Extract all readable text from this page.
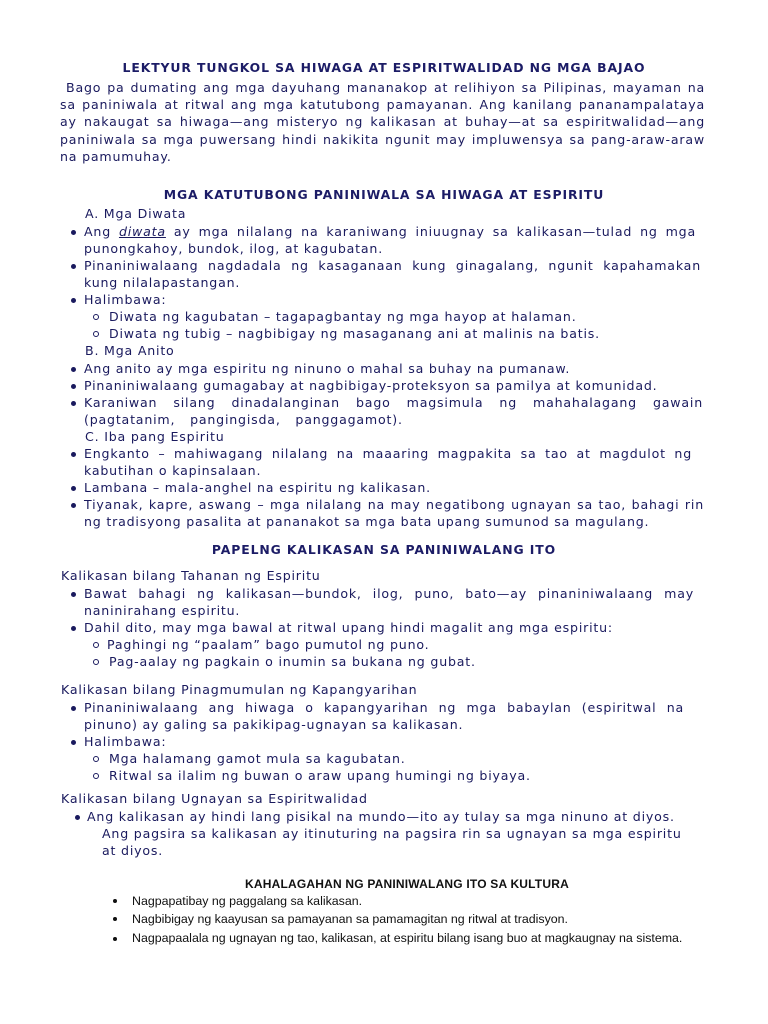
LEKTYUR TUNGKOL SA HIWAGA AT ESPIRITWALIDAD NG MGA BAJAO
Bago pa dumating ang mga dayuhang mananakop at relihiyon sa Pilipinas, mayaman na sa paniniwala at ritwal ang mga katutubong pamayanan. Ang kanilang pananampalataya ay nakaugat sa hiwaga—ang misteryo ng kalikasan at buhay—at sa espiritwalidad—ang paniniwala sa mga puwersang hindi nakikita ngunit may impluwensya sa pang-araw-araw na pamumuhay.
MGA KATUTUBONG PANINIWALA SA HIWAGA AT ESPIRITU
A. Mga Diwata
Ang diwata ay mga nilalang na karaniwang iniuugnay sa kalikasan—tulad ng mga punongkahoy, bundok, ilog, at kagubatan.
Pinaniniwalaang nagdadala ng kasaganaan kung ginagalang, ngunit kapahamakan kung nilalapastangan.
Halimbawa:
Diwata ng kagubatan – tagapagbantay ng mga hayop at halaman.
Diwata ng tubig – nagbibigay ng masaganang ani at malinis na batis.
B. Mga Anito
Ang anito ay mga espiritu ng ninuno o mahal sa buhay na pumanaw.
Pinaniniwalaang gumagabay at nagbibigay-proteksyon sa pamilya at komunidad.
Karaniwan silang dinadalanginan bago magsimula ng mahahalagang gawain (pagtatanim, pangingisda, panggagamot).
C. Iba pang Espiritu
Engkanto – mahiwagang nilalang na maaaring magpakita sa tao at magdulot ng kabutihan o kapinsalaan.
Lambana – mala-anghel na espiritu ng kalikasan.
Tiyanak, kapre, aswang – mga nilalang na may negatibong ugnayan sa tao, bahagi rin ng tradisyong pasalita at pananakot sa mga bata upang sumunod sa magulang.
PAPELNG KALIKASAN SA PANINIWALANG ITO
Kalikasan bilang Tahanan ng Espiritu
Bawat bahagi ng kalikasan—bundok, ilog, puno, bato—ay pinaniniwalaang may naninirahang espiritu.
Dahil dito, may mga bawal at ritwal upang hindi magalit ang mga espiritu:
Paghingi ng “paalam” bago pumutol ng puno.
Pag-aalay ng pagkain o inumin sa bukana ng gubat.
Kalikasan bilang Pinagmumulan ng Kapangyarihan
Pinaniniwalaang ang hiwaga o kapangyarihan ng mga babaylan (espiritwal na pinuno) ay galing sa pakikipag-ugnayan sa kalikasan.
Halimbawa:
Mga halamang gamot mula sa kagubatan.
Ritwal sa ilalim ng buwan o araw upang humingi ng biyaya.
Kalikasan bilang Ugnayan sa Espiritwalidad
Ang kalikasan ay hindi lang pisikal na mundo—ito ay tulay sa mga ninuno at diyos.
Ang pagsira sa kalikasan ay itinuturing na pagsira rin sa ugnayan sa mga espiritu
at diyos.
KAHALAGAHAN NG PANINIWALANG ITO SA KULTURA
Nagpapatibay ng paggalang sa kalikasan.
Nagbibigay ng kaayusan sa pamayanan sa pamamagitan ng ritwal at tradisyon.
Nagpapaalala ng ugnayan ng tao, kalikasan, at espiritu bilang isang buo at magkaugnay na sistema.
